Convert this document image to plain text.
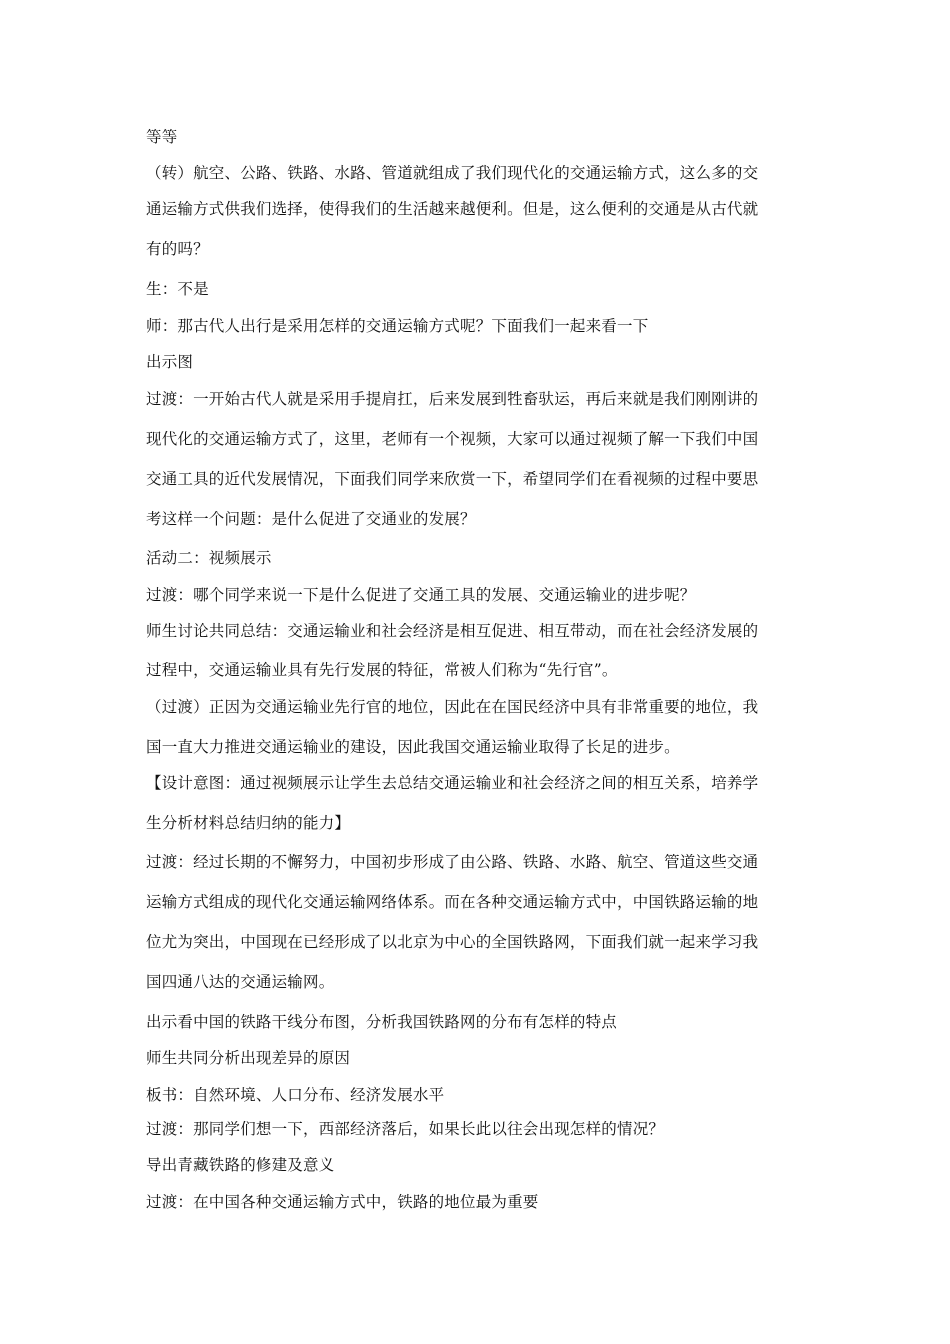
等等
（转）航空、公路、铁路、水路、管道就组成了我们现代化的交通运输方式，这么多的交
通运输方式供我们选择，使得我们的生活越来越便利。但是，这么便利的交通是从古代就
有的吗？
生：不是
师：那古代人出行是采用怎样的交通运输方式呢？下面我们一起来看一下
出示图
过渡：一开始古代人就是采用手提肩扛，后来发展到牲畜驮运，再后来就是我们刚刚讲的
现代化的交通运输方式了，这里，老师有一个视频，大家可以通过视频了解一下我们中国
交通工具的近代发展情况，下面我们同学来欣赏一下，希望同学们在看视频的过程中要思
考这样一个问题：是什么促进了交通业的发展？
活动二：视频展示
过渡：哪个同学来说一下是什么促进了交通工具的发展、交通运输业的进步呢？
师生讨论共同总结：交通运输业和社会经济是相互促进、相互带动，而在社会经济发展的
过程中，交通运输业具有先行发展的特征，常被人们称为“先行官”。
（过渡）正因为交通运输业先行官的地位，因此在在国民经济中具有非常重要的地位，我
国一直大力推进交通运输业的建设，因此我国交通运输业取得了长足的进步。
【设计意图：通过视频展示让学生去总结交通运输业和社会经济之间的相互关系，培养学
生分析材料总结归纳的能力】
过渡：经过长期的不懈努力，中国初步形成了由公路、铁路、水路、航空、管道这些交通
运输方式组成的现代化交通运输网络体系。而在各种交通运输方式中，中国铁路运输的地
位尤为突出，中国现在已经形成了以北京为中心的全国铁路网，下面我们就一起来学习我
国四通八达的交通运输网。
出示看中国的铁路干线分布图，分析我国铁路网的分布有怎样的特点
师生共同分析出现差异的原因
板书：自然环境、人口分布、经济发展水平
过渡：那同学们想一下，西部经济落后，如果长此以往会出现怎样的情况？
导出青藏铁路的修建及意义
过渡：在中国各种交通运输方式中，铁路的地位最为重要
